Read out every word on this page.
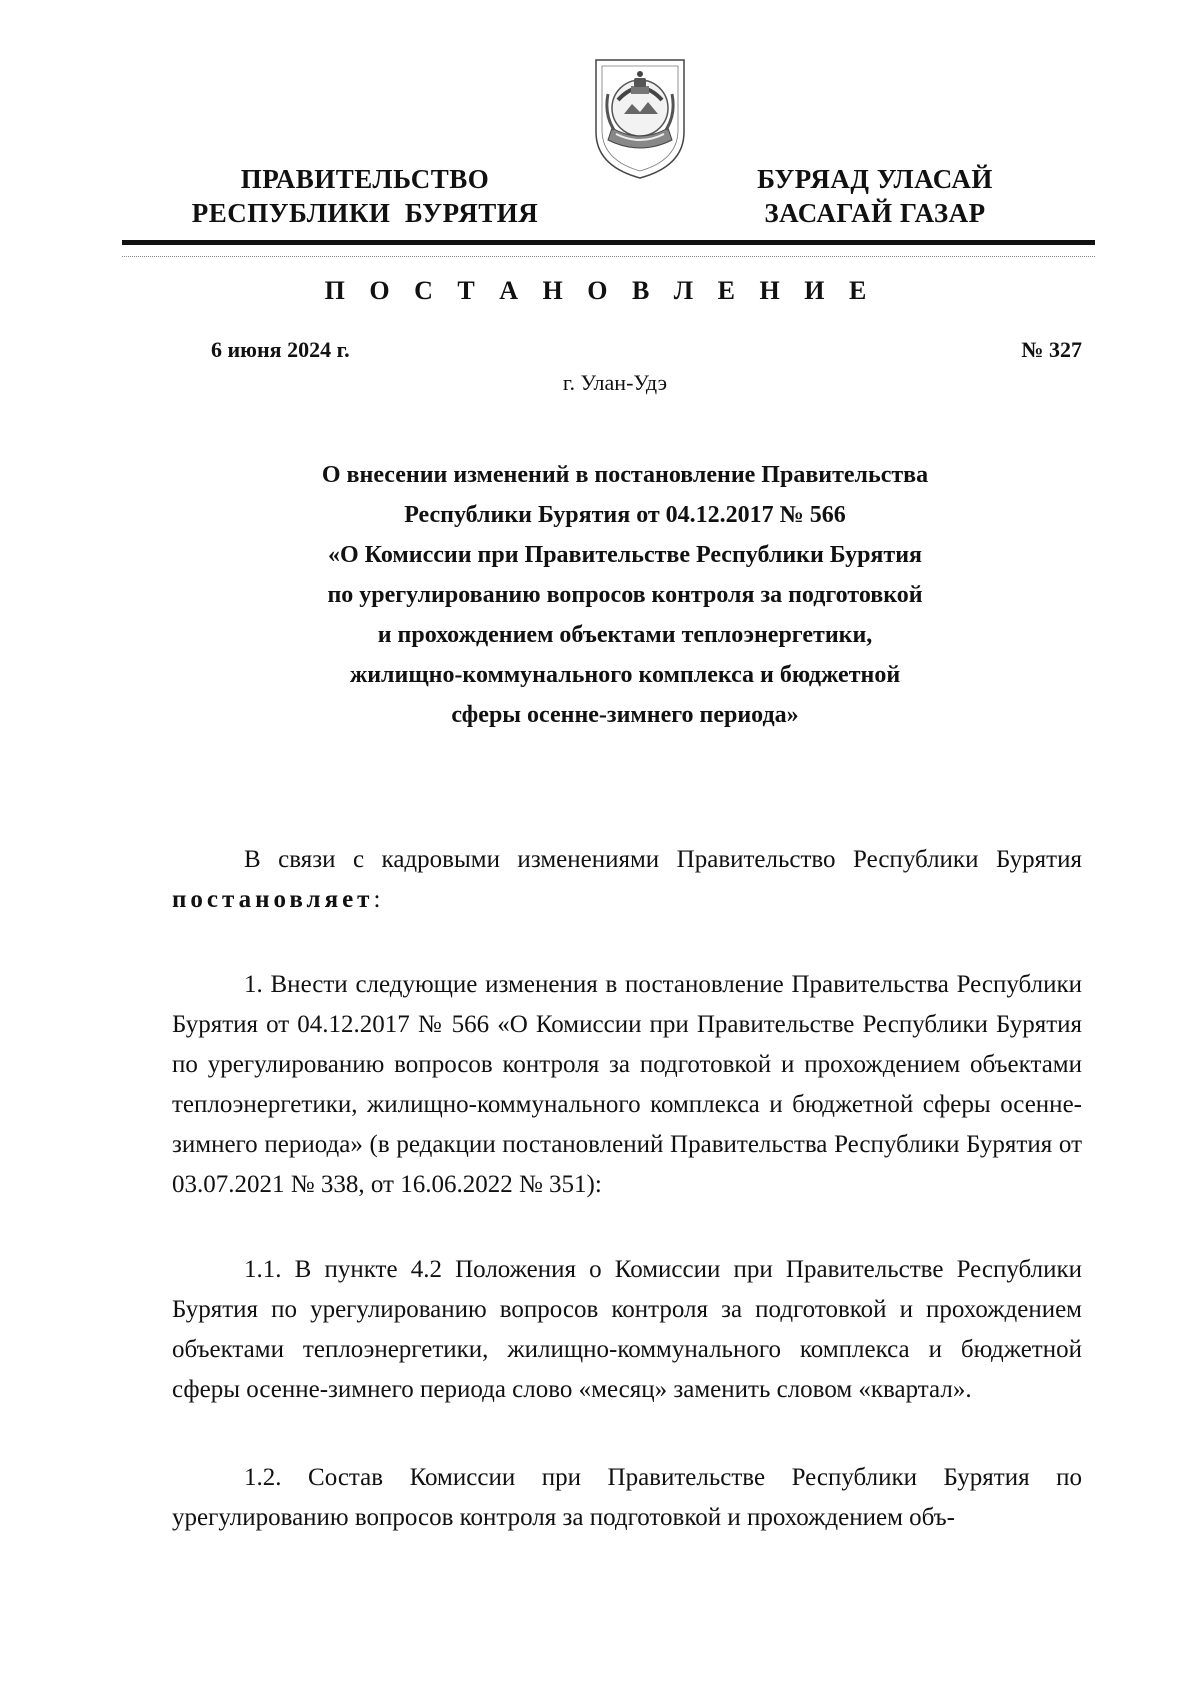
ПРАВИТЕЛЬСТВО
РЕСПУБЛИКИ  БУРЯТИЯ
БУРЯАД УЛАСАЙ
ЗАСАГАЙ ГАЗАР
П О С Т А Н О В Л Е Н И Е
6 июня 2024 г.	№ 327
г. Улан-Удэ
О внесении изменений в постановление Правительства
Республики Бурятия от 04.12.2017 № 566
«О Комиссии при Правительстве Республики Бурятия
по урегулированию вопросов контроля за подготовкой
и прохождением объектами теплоэнергетики,
жилищно-коммунального комплекса и бюджетной
сферы осенне-зимнего периода»
В связи с кадровыми изменениями Правительство Республики Бурятия постановляет:
1. Внести следующие изменения в постановление Правительства Республики Бурятия от 04.12.2017 № 566 «О Комиссии при Правительстве Республики Бурятия по урегулированию вопросов контроля за подготовкой и прохождением объектами теплоэнергетики, жилищно-коммунального комплекса и бюджетной сферы осенне-зимнего периода» (в редакции постановлений Правительства Республики Бурятия от 03.07.2021 № 338, от 16.06.2022 № 351):
1.1. В пункте 4.2 Положения о Комиссии при Правительстве Республики Бурятия по урегулированию вопросов контроля за подготовкой и прохождением объектами теплоэнергетики, жилищно-коммунального комплекса и бюджетной сферы осенне-зимнего периода слово «месяц» заменить словом «квартал».
1.2. Состав Комиссии при Правительстве Республики Бурятия по урегулированию вопросов контроля за подготовкой и прохождением объ-
